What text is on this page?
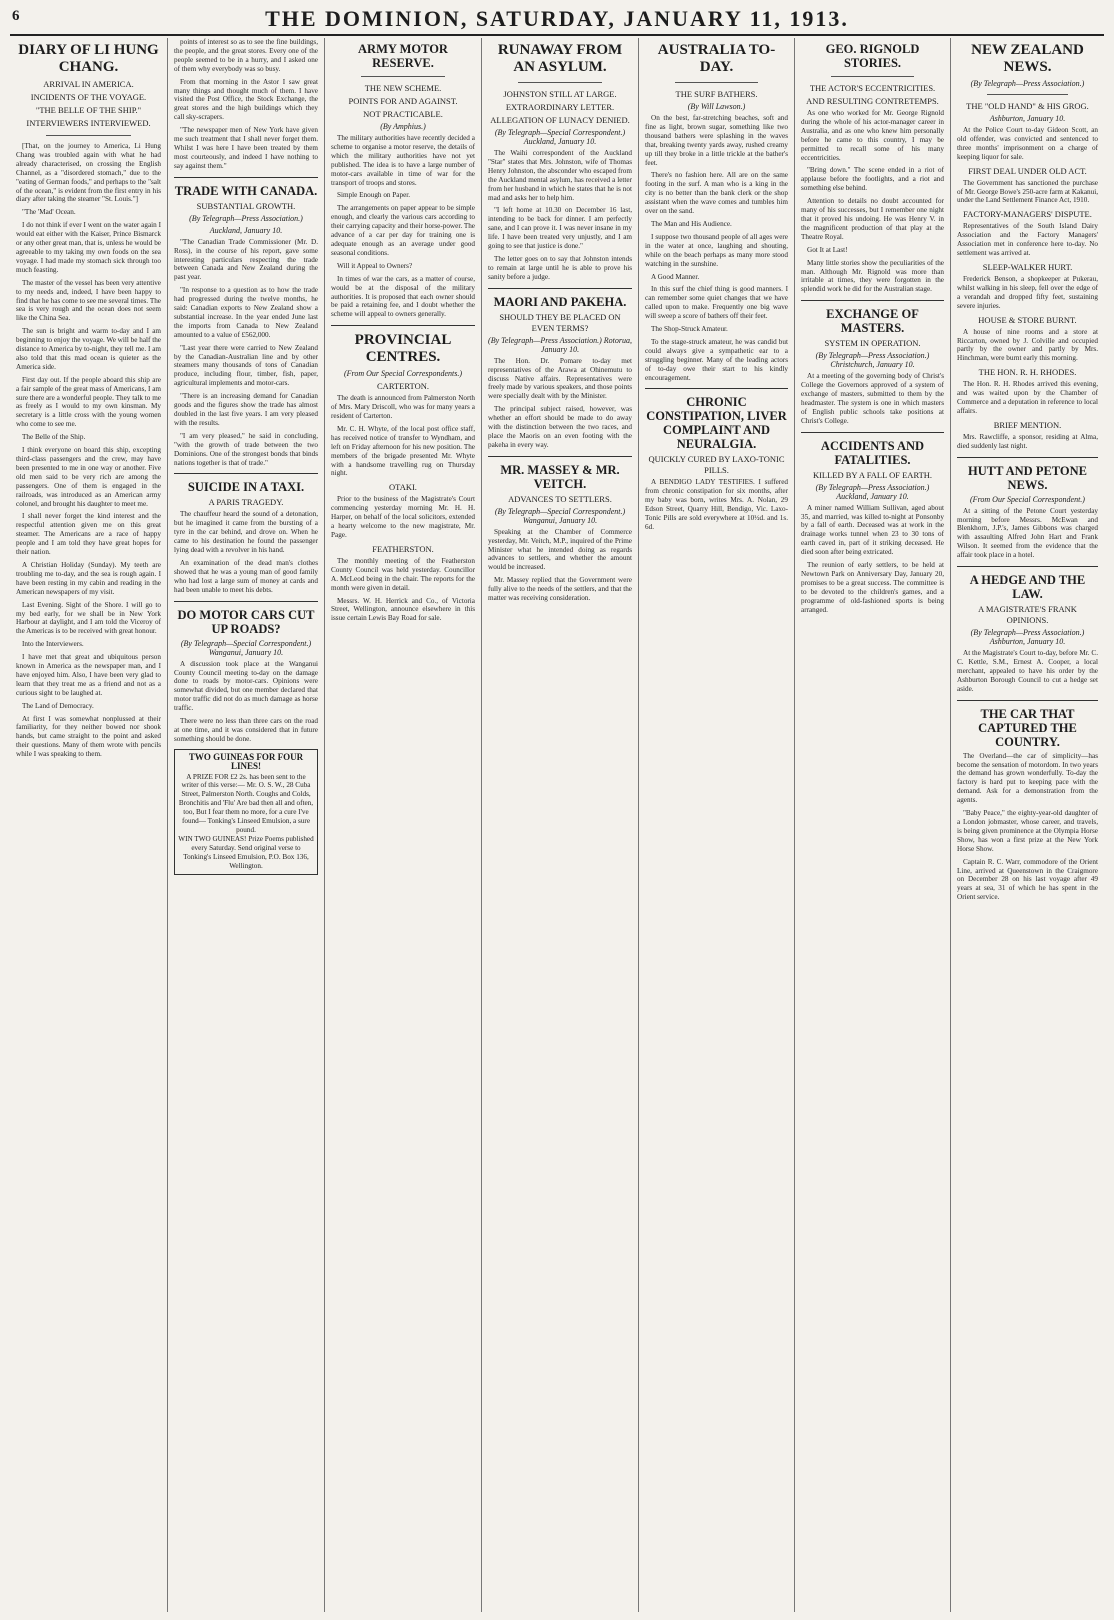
6	THE DOMINION, SATURDAY, JANUARY 11, 1913.
DIARY OF LI HUNG CHANG.
ARRIVAL IN AMERICA.
INCIDENTS OF THE VOYAGE.
"THE BELLE OF THE SHIP."
INTERVIEWERS INTERVIEWED.

[That, on the journey to America, Li Hung Chang was troubled again with what he had already characterised, on crossing the English Channel, as a "disordered stomach," due to the "eating of German foods," and perhaps to the "salt of the ocean," is evident from the first entry in his diary after taking the steamer "St. Louis."]

"The 'Mad' Ocean.

I do not think if ever I went on the water again I would eat either with the Kaiser, Prince Bismarck or any other great man, that is, unless he would be agreeable to my taking my own foods on the sea voyage. I had made my stomach sick through too much feasting.

The master of the vessel has been very attentive to my needs and, indeed, I have been happy to find that he has come to see me several times. The sea is very rough and the ocean does not seem like the China Sea.

The sun is bright and warm to-day and I am beginning to enjoy the voyage. We will be half the distance to America by to-night, they tell me. I am also told that this mad ocean is quieter as the America side.

First day out. If the people aboard this ship are a fair sample of the great mass of Americans, I am sure there are a wonderful people. They talk to me as freely as I would to my own kinsman. My secretary is a little cross with the young women who come to see me.

The Belle of the Ship.

I think everyone on board this ship, excepting third-class passengers and the crew, may have been presented to me in one way or another. Five old men said to be very rich are among the passengers. One of them is engaged in the railroads, was introduced as an American army colonel, and brought his daughter to meet me.

I shall never forget the kind interest and the respectful attention given me on this great steamer. The Americans are a race of happy people and I am told they have great hopes for their nation.

A Christian Holiday (Sunday). My teeth are troubling me to-day, and the sea is rough again. I have been resting in my cabin and reading in the American newspapers of my visit.

Last Evening. Sight of the Shore. I will go to my bed early, for we shall be in New York Harbour at daylight, and I am told the Viceroy of the Americas is to be received with great honour.

Into the Interviewers.

I have met that great and ubiquitous person known in America as the newspaper man, and I have enjoyed him. Also, I have been very glad to learn that they treat me as a friend and not as a curious sight to be laughed at.

The Land of Democracy.

At first I was somewhat nonplussed at their familiarity, for they neither bowed nor shook hands, but came straight to the point and asked their questions. Many of them wrote with pencils while I was speaking to them.

points of interest so as to see the fine buildings, the people, and the great stores. Every one of the people seemed to be in a hurry, and I asked one of them why everybody was so busy.

From that morning in the Astor I saw great many things and thought much of them. I have visited the Post Office, the Stock Exchange, the great stores and the high buildings which they call sky-scrapers.

"The newspaper men of New York have given me such treatment that I shall never forget them. Whilst I was here I have been treated by them most courteously, and indeed I have nothing to say against them."

TRADE WITH CANADA.
SUBSTANTIAL GROWTH.
(By Telegraph—Press Association.)
Auckland, January 10.

"The Canadian Trade Commissioner (Mr. D. Ross), in the course of his report, gave some interesting particulars respecting the trade between Canada and New Zealand during the past year.

"In response to a question as to how the trade had progressed during the twelve months, he said: Canadian exports to New Zealand show a substantial increase. In the year ended June last the imports from Canada to New Zealand amounted to a value of £562,000.

"Last year there were carried to New Zealand by the Canadian-Australian line and by other steamers many thousands of tons of Canadian produce, including flour, timber, fish, paper, agricultural implements and motor-cars.

"There is an increasing demand for Canadian goods and the figures show the trade has almost doubled in the last five years. I am very pleased with the results.

"I am very pleased," he said in concluding, "with the growth of trade between the two Dominions. One of the strongest bonds that binds nations together is that of trade."

SUICIDE IN A TAXI.
A PARIS TRAGEDY.

The chauffeur heard the sound of a detonation, but he imagined it came from the bursting of a tyre in the car behind, and drove on. When he came to his destination he found the passenger lying dead with a revolver in his hand.

An examination of the dead man's clothes showed that he was a young man of good family who had lost a large sum of money at cards and had been unable to meet his debts.

DO MOTOR CARS CUT UP ROADS?
(By Telegraph—Special Correspondent.) Wanganui, January 10.

A discussion took place at the Wanganui County Council meeting to-day on the damage done to roads by motor-cars. Opinions were somewhat divided, but one member declared that motor traffic did not do as much damage as horse traffic.

There were no less than three cars on the road at one time, and it was considered that in future something should be done.

TWO GUINEAS FOR FOUR LINES!
A PRIZE FOR £2 2s. has been sent to the writer of this verse:— Mr. O. S. W., 28 Cuba Street, Palmerston North. Coughs and Colds, Bronchitis and 'Flu' Are bad then all and often, too, But I fear them no more, for a cure I've found— Tonking's Linseed Emulsion, a sure pound.
WIN TWO GUINEAS! Prize Poems published every Saturday. Send original verse to Tonking's Linseed Emulsion, P.O. Box 136, Wellington.
ARMY MOTOR RESERVE.
THE NEW SCHEME.
POINTS FOR AND AGAINST.
NOT PRACTICABLE.
(By Amphius.)

The military authorities have recently decided a scheme to organise a motor reserve, the details of which the military authorities have not yet published. The idea is to have a large number of motor-cars available in time of war for the transport of troops and stores.

Simple Enough on Paper.

The arrangements on paper appear to be simple enough, and clearly the various cars according to their carrying capacity and their horse-power. The advance of a car per day for training one is adequate enough as an average under good seasonal conditions.

Will it Appeal to Owners?

In times of war the cars, as a matter of course, would be at the disposal of the military authorities. It is proposed that each owner should be paid a retaining fee, and I doubt whether the scheme will appeal to owners generally.

PROVINCIAL CENTRES.
(From Our Special Correspondents.)
CARTERTON.

The death is announced from Palmerston North of Mrs. Mary Driscoll, who was for many years a resident of Carterton.

Mr. C. H. Whyte, of the local post office staff, has received notice of transfer to Wyndham, and left on Friday afternoon for his new position. The members of the brigade presented Mr. Whyte with a handsome travelling rug on Thursday night.

OTAKI.

Prior to the business of the Magistrate's Court commencing yesterday morning Mr. H. H. Harper, on behalf of the local solicitors, extended a hearty welcome to the new magistrate, Mr. Page.

FEATHERSTON.

The monthly meeting of the Featherston County Council was held yesterday. Councillor A. McLeod being in the chair. The reports for the month were given in detail.

Messrs. W. H. Herrick and Co., of Victoria Street, Wellington, announce elsewhere in this issue certain Lewis Bay Road for sale.

RUNAWAY FROM AN ASYLUM.
JOHNSTON STILL AT LARGE.
EXTRAORDINARY LETTER.
ALLEGATION OF LUNACY DENIED.
(By Telegraph—Special Correspondent.) Auckland, January 10.

The Waihi correspondent of the Auckland "Star" states that Mrs. Johnston, wife of Thomas Henry Johnston, the absconder who escaped from the Auckland mental asylum, has received a letter from her husband in which he states that he is not mad and asks her to help him.

"I left home at 10.30 on December 16 last, intending to be back for dinner. I am perfectly sane, and I can prove it. I was never insane in my life. I have been treated very unjustly, and I am going to see that justice is done."

The letter goes on to say that Johnston intends to remain at large until he is able to prove his sanity before a judge.

MAORI AND PAKEHA.
SHOULD THEY BE PLACED ON EVEN TERMS?
(By Telegraph—Press Association.) Rotorua, January 10.

The Hon. Dr. Pomare to-day met representatives of the Arawa at Ohinemutu to discuss Native affairs. Representatives were freely made by various speakers, and those points were specially dealt with by the Minister.

The principal subject raised, however, was whether an effort should be made to do away with the distinction between the two races, and place the Maoris on an even footing with the pakeha in every way.

MR. MASSEY & MR. VEITCH.
ADVANCES TO SETTLERS.
(By Telegraph—Special Correspondent.) Wanganui, January 10.

Speaking at the Chamber of Commerce yesterday, Mr. Veitch, M.P., inquired of the Prime Minister what he intended doing as regards advances to settlers, and whether the amount would be increased.

Mr. Massey replied that the Government were fully alive to the needs of the settlers, and that the matter was receiving consideration.

AUSTRALIA TO-DAY.
THE SURF BATHERS.
(By Will Lawson.)

On the best, far-stretching beaches, soft and fine as light, brown sugar, something like two thousand bathers were splashing in the waves that, breaking twenty yards away, rushed creamy up till they broke in a little trickle at the bather's feet.

There's no fashion here. All are on the same footing in the surf. A man who is a king in the city is no better than the bank clerk or the shop assistant when the wave comes and tumbles him over on the sand.

The Man and His Audience.

I suppose two thousand people of all ages were in the water at once, laughing and shouting, while on the beach perhaps as many more stood watching in the sunshine.

A Good Manner.

In this surf the chief thing is good manners. I can remember some quiet changes that we have called upon to make. Frequently one big wave will sweep a score of bathers off their feet.

The Shop-Struck Amateur.

To the stage-struck amateur, he was candid but could always give a sympathetic ear to a struggling beginner. Many of the leading actors of to-day owe their start to his kindly encouragement.

CHRONIC CONSTIPATION, LIVER COMPLAINT AND NEURALGIA.
QUICKLY CURED BY LAXO-TONIC PILLS.

A BENDIGO LADY TESTIFIES. I suffered from chronic constipation for six months, after my baby was born, writes Mrs. A. Nolan, 29 Edson Street, Quarry Hill, Bendigo, Vic. Laxo-Tonic Pills are sold everywhere at 10½d. and 1s. 6d.

NEW ZEALAND NEWS.
(By Telegraph—Press Association.)
THE "OLD HAND" & HIS GROG.
Ashburton, January 10.

At the Police Court to-day Gideon Scott, an old offender, was convicted and sentenced to three months' imprisonment on a charge of keeping liquor for sale.

FIRST DEAL UNDER OLD ACT.

The Government has sanctioned the purchase of Mr. George Bowe's 250-acre farm at Kakanui, under the Land Settlement Finance Act, 1910.

FACTORY-MANAGERS' DISPUTE.

Representatives of the South Island Dairy Association and the Factory Managers' Association met in conference here to-day. No settlement was arrived at.

SLEEP-WALKER HURT.

Frederick Benson, a shopkeeper at Pukerau, whilst walking in his sleep, fell over the edge of a verandah and dropped fifty feet, sustaining severe injuries.

HOUSE & STORE BURNT.

A house of nine rooms and a store at Riccarton, owned by J. Colville and occupied partly by the owner and partly by Mrs. Hinchman, were burnt early this morning.

THE HON. R. H. RHODES.

The Hon. R. H. Rhodes arrived this evening, and was waited upon by the Chamber of Commerce and a deputation in reference to local affairs.

BRIEF MENTION.

Mrs. Rawcliffe, a sponsor, residing at Alma, died suddenly last night.

HUTT AND PETONE NEWS.
(From Our Special Correspondent.)

At a sitting of the Petone Court yesterday morning before Messrs. McEwan and Blenkhorn, J.P.'s, James Gibbons was charged with assaulting Alfred John Hart and Frank Wilson. It seemed from the evidence that the affair took place in a hotel.

A HEDGE AND THE LAW.
A MAGISTRATE'S FRANK OPINIONS.
(By Telegraph—Press Association.) Ashburton, January 10.

At the Magistrate's Court to-day, before Mr. C. C. Kettle, S.M., Ernest A. Cooper, a local merchant, appealed to have his order by the Ashburton Borough Council to cut a hedge set aside.

THE CAR THAT CAPTURED THE COUNTRY.

The Overland—the car of simplicity—has become the sensation of motordom. In two years the demand has grown wonderfully. To-day the factory is hard put to keeping pace with the demand. Ask for a demonstration from the agents.

"Baby Peace," the eighty-year-old daughter of a London jobmaster, whose career, and travels, is being given prominence at the Olympia Horse Show, has won a first prize at the New York Horse Show.

Captain R. C. Warr, commodore of the Orient Line, arrived at Queenstown in the Craigmore on December 28 on his last voyage after 49 years at sea, 31 of which he has spent in the Orient service.

GEO. RIGNOLD STORIES.
THE ACTOR'S ECCENTRICITIES.
AND RESULTING CONTRETEMPS.

As one who worked for Mr. George Rignold during the whole of his actor-manager career in Australia, and as one who knew him personally before he came to this country, I may be permitted to recall some of his many eccentricities.

"Bring down." The scene ended in a riot of applause before the footlights, and a riot and something else behind.

Attention to details no doubt accounted for many of his successes, but I remember one night that it proved his undoing. He was Henry V. in the magnificent production of that play at the Theatre Royal.

Got It at Last!

Many little stories show the peculiarities of the man. Although Mr. Rignold was more than irritable at times, they were forgotten in the splendid work he did for the Australian stage.

EXCHANGE OF MASTERS.
SYSTEM IN OPERATION.
(By Telegraph—Press Association.) Christchurch, January 10.

At a meeting of the governing body of Christ's College the Governors approved of a system of exchange of masters, submitted to them by the headmaster. The system is one in which masters of English public schools take positions at Christ's College.

ACCIDENTS AND FATALITIES.
KILLED BY A FALL OF EARTH.
(By Telegraph—Press Association.) Auckland, January 10.

A miner named William Sullivan, aged about 35, and married, was killed to-night at Ponsonby by a fall of earth. Deceased was at work in the drainage works tunnel when 23 to 30 tons of earth caved in, part of it striking deceased. He died soon after being extricated.

The reunion of early settlers, to be held at Newtown Park on Anniversary Day, January 20, promises to be a great success. The committee is to be devoted to the children's games, and a programme of old-fashioned sports is being arranged.
